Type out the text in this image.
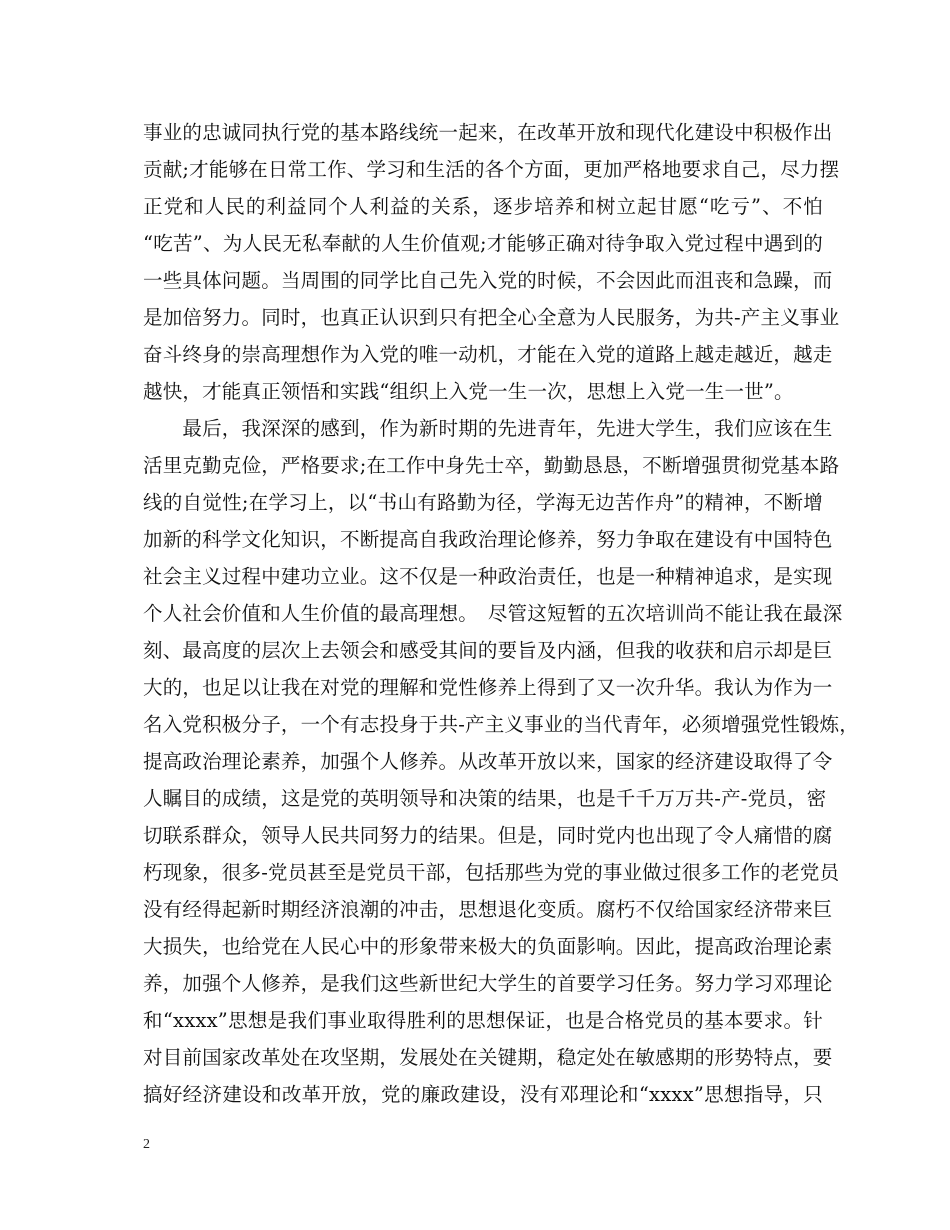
事业的忠诚同执行党的基本路线统一起来，在改革开放和现代化建设中积极作出
贡献;才能够在日常工作、学习和生活的各个方面，更加严格地要求自己，尽力摆
正党和人民的利益同个人利益的关系，逐步培养和树立起甘愿“吃亏”、不怕
“吃苦”、为人民无私奉献的人生价值观;才能够正确对待争取入党过程中遇到的
一些具体问题。当周围的同学比自己先入党的时候，不会因此而沮丧和急躁，而
是加倍努力。同时，也真正认识到只有把全心全意为人民服务，为共-产主义事业
奋斗终身的崇高理想作为入党的唯一动机，才能在入党的道路上越走越近，越走
越快，才能真正领悟和实践“组织上入党一生一次，思想上入党一生一世”。
　　最后，我深深的感到，作为新时期的先进青年，先进大学生，我们应该在生
活里克勤克俭，严格要求;在工作中身先士卒，勤勤恳恳，不断增强贯彻党基本路
线的自觉性;在学习上，以“书山有路勤为径，学海无边苦作舟”的精神，不断增
加新的科学文化知识，不断提高自我政治理论修养，努力争取在建设有中国特色
社会主义过程中建功立业。这不仅是一种政治责任，也是一种精神追求，是实现
个人社会价值和人生价值的最高理想。　尽管这短暂的五次培训尚不能让我在最深
刻、最高度的层次上去领会和感受其间的要旨及内涵，但我的收获和启示却是巨
大的，也足以让我在对党的理解和党性修养上得到了又一次升华。我认为作为一
名入党积极分子，一个有志投身于共-产主义事业的当代青年，必须增强党性锻炼，
提高政治理论素养，加强个人修养。从改革开放以来，国家的经济建设取得了令
人瞩目的成绩，这是党的英明领导和决策的结果，也是千千万万共-产-党员，密
切联系群众，领导人民共同努力的结果。但是，同时党内也出现了令人痛惜的腐
朽现象，很多-党员甚至是党员干部，包括那些为党的事业做过很多工作的老党员
没有经得起新时期经济浪潮的冲击，思想退化变质。腐朽不仅给国家经济带来巨
大损失，也给党在人民心中的形象带来极大的负面影响。因此，提高政治理论素
养，加强个人修养，是我们这些新世纪大学生的首要学习任务。努力学习邓理论
和“xxxx”思想是我们事业取得胜利的思想保证，也是合格党员的基本要求。针
对目前国家改革处在攻坚期，发展处在关键期，稳定处在敏感期的形势特点，要
搞好经济建设和改革开放，党的廉政建设，没有邓理论和“xxxx”思想指导，只
2
